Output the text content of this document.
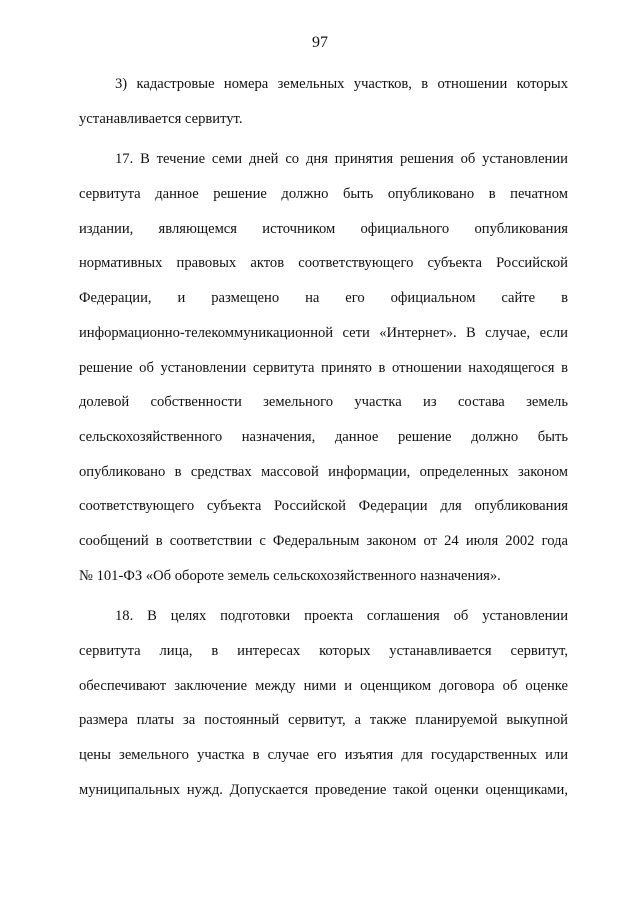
97
3) кадастровые номера земельных участков, в отношении которых
устанавливается сервитут.
17. В течение семи дней со дня принятия решения об установлении
сервитута данное решение должно быть опубликовано в печатном
издании, являющемся источником официального опубликования
нормативных правовых актов соответствующего субъекта Российской
Федерации, и размещено на его официальном сайте в
информационно-телекоммуникационной сети «Интернет». В случае, если
решение об установлении сервитута принято в отношении находящегося в
долевой собственности земельного участка из состава земель
сельскохозяйственного назначения, данное решение должно быть
опубликовано в средствах массовой информации, определенных законом
соответствующего субъекта Российской Федерации для опубликования
сообщений в соответствии с Федеральным законом от 24 июля 2002 года
№ 101-ФЗ «Об обороте земель сельскохозяйственного назначения».
18. В целях подготовки проекта соглашения об установлении
сервитута лица, в интересах которых устанавливается сервитут,
обеспечивают заключение между ними и оценщиком договора об оценке
размера платы за постоянный сервитут, а также планируемой выкупной
цены земельного участка в случае его изъятия для государственных или
муниципальных нужд. Допускается проведение такой оценки оценщиками,
